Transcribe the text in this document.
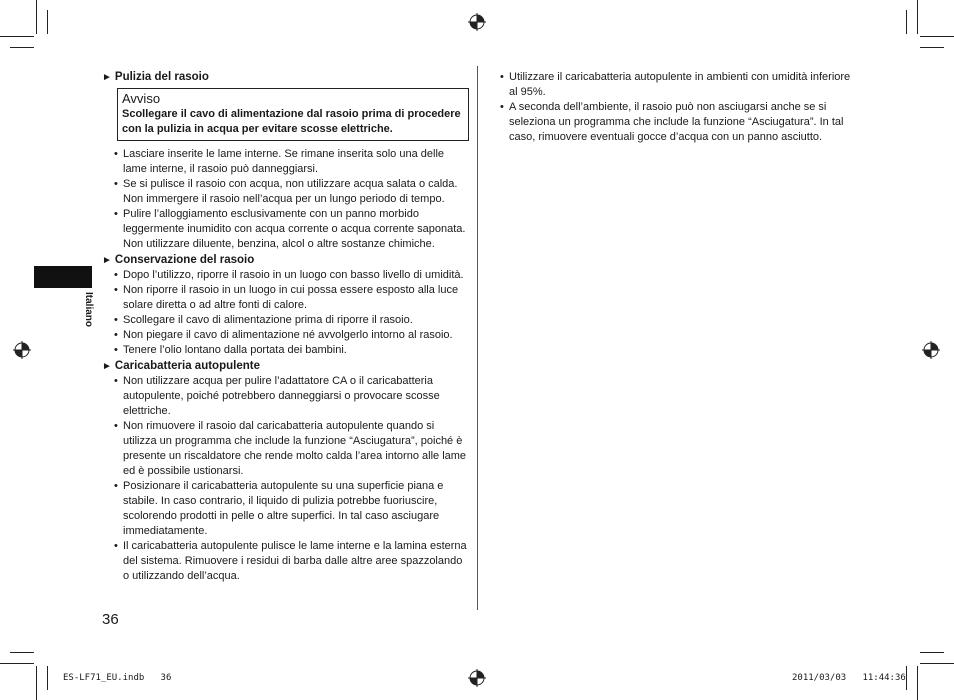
Italiano

► Pulizia del rasoio

Avviso

Scollegare il cavo di alimentazione dal rasoio prima di procedere con la pulizia in acqua per evitare scosse elettriche.

• Lasciare inserite le lame interne. Se rimane inserita solo una delle lame interne, il rasoio può danneggiarsi.
• Se si pulisce il rasoio con acqua, non utilizzare acqua salata o calda. Non immergere il rasoio nell’acqua per un lungo periodo di tempo.
• Pulire l’alloggiamento esclusivamente con un panno morbido leggermente inumidito con acqua corrente o acqua corrente saponata. Non utilizzare diluente, benzina, alcol o altre sostanze chimiche.

► Conservazione del rasoio

• Dopo l’utilizzo, riporre il rasoio in un luogo con basso livello di umidità.
• Non riporre il rasoio in un luogo in cui possa essere esposto alla luce solare diretta o ad altre fonti di calore.
• Scollegare il cavo di alimentazione prima di riporre il rasoio.
• Non piegare il cavo di alimentazione né avvolgerlo intorno al rasoio.
• Tenere l’olio lontano dalla portata dei bambini.

► Caricabatteria autopulente

• Non utilizzare acqua per pulire l’adattatore CA o il caricabatteria autopulente, poiché potrebbero danneggiarsi o provocare scosse elettriche.
• Non rimuovere il rasoio dal caricabatteria autopulente quando si utilizza un programma che include la funzione “Asciugatura”, poiché è presente un riscaldatore che rende molto calda l’area intorno alle lame ed è possibile ustionarsi.
• Posizionare il caricabatteria autopulente su una superficie piana e stabile. In caso contrario, il liquido di pulizia potrebbe fuoriuscire, scolorendo prodotti in pelle o altre superfici. In tal caso asciugare immediatamente.
• Il caricabatteria autopulente pulisce le lame interne e la lamina esterna del sistema. Rimuovere i residui di barba dalle altre aree spazzolando o utilizzando dell’acqua.
• Utilizzare il caricabatteria autopulente in ambienti con umidità inferiore al 95%.
• A seconda dell’ambiente, il rasoio può non asciugarsi anche se si seleziona un programma che include la funzione “Asciugatura”. In tal caso, rimuovere eventuali gocce d’acqua con un panno asciutto.
36
ES-LF71_EU.indb   36	2011/03/03   11:44:36
